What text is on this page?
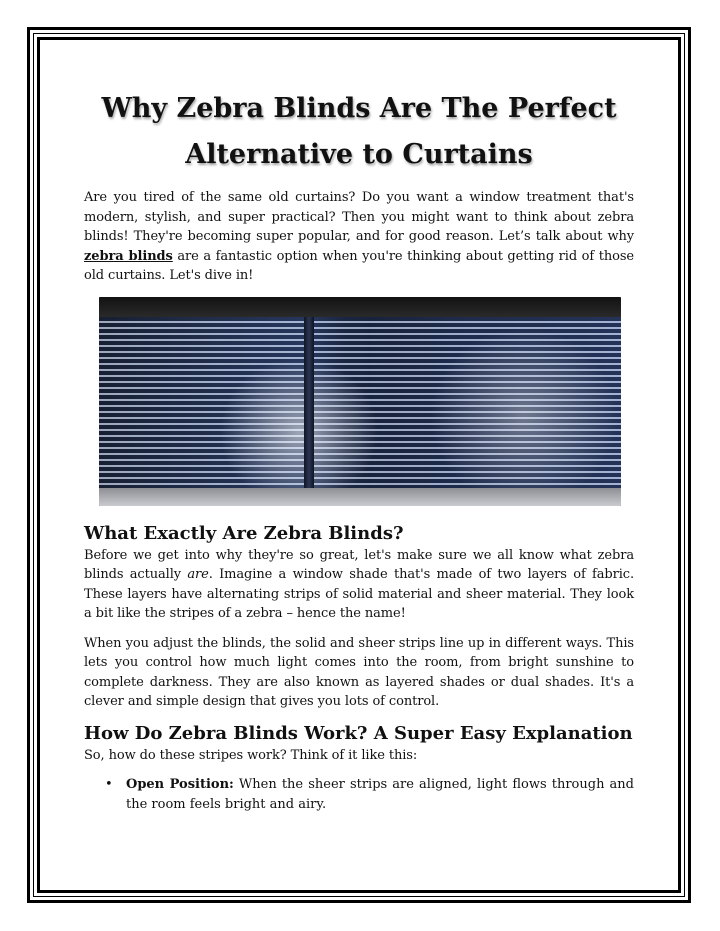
Why Zebra Blinds Are The Perfect Alternative to Curtains

Are you tired of the same old curtains? Do you want a window treatment that's modern, stylish, and super practical? Then you might want to think about zebra blinds! They're becoming super popular, and for good reason. Let’s talk about why zebra blinds are a fantastic option when you're thinking about getting rid of those old curtains. Let's dive in!

What Exactly Are Zebra Blinds?

Before we get into why they're so great, let's make sure we all know what zebra blinds actually are. Imagine a window shade that's made of two layers of fabric. These layers have alternating strips of solid material and sheer material. They look a bit like the stripes of a zebra – hence the name!

When you adjust the blinds, the solid and sheer strips line up in different ways. This lets you control how much light comes into the room, from bright sunshine to complete darkness. They are also known as layered shades or dual shades. It's a clever and simple design that gives you lots of control.

How Do Zebra Blinds Work? A Super Easy Explanation

So, how do these stripes work? Think of it like this:

• Open Position: When the sheer strips are aligned, light flows through and the room feels bright and airy.
